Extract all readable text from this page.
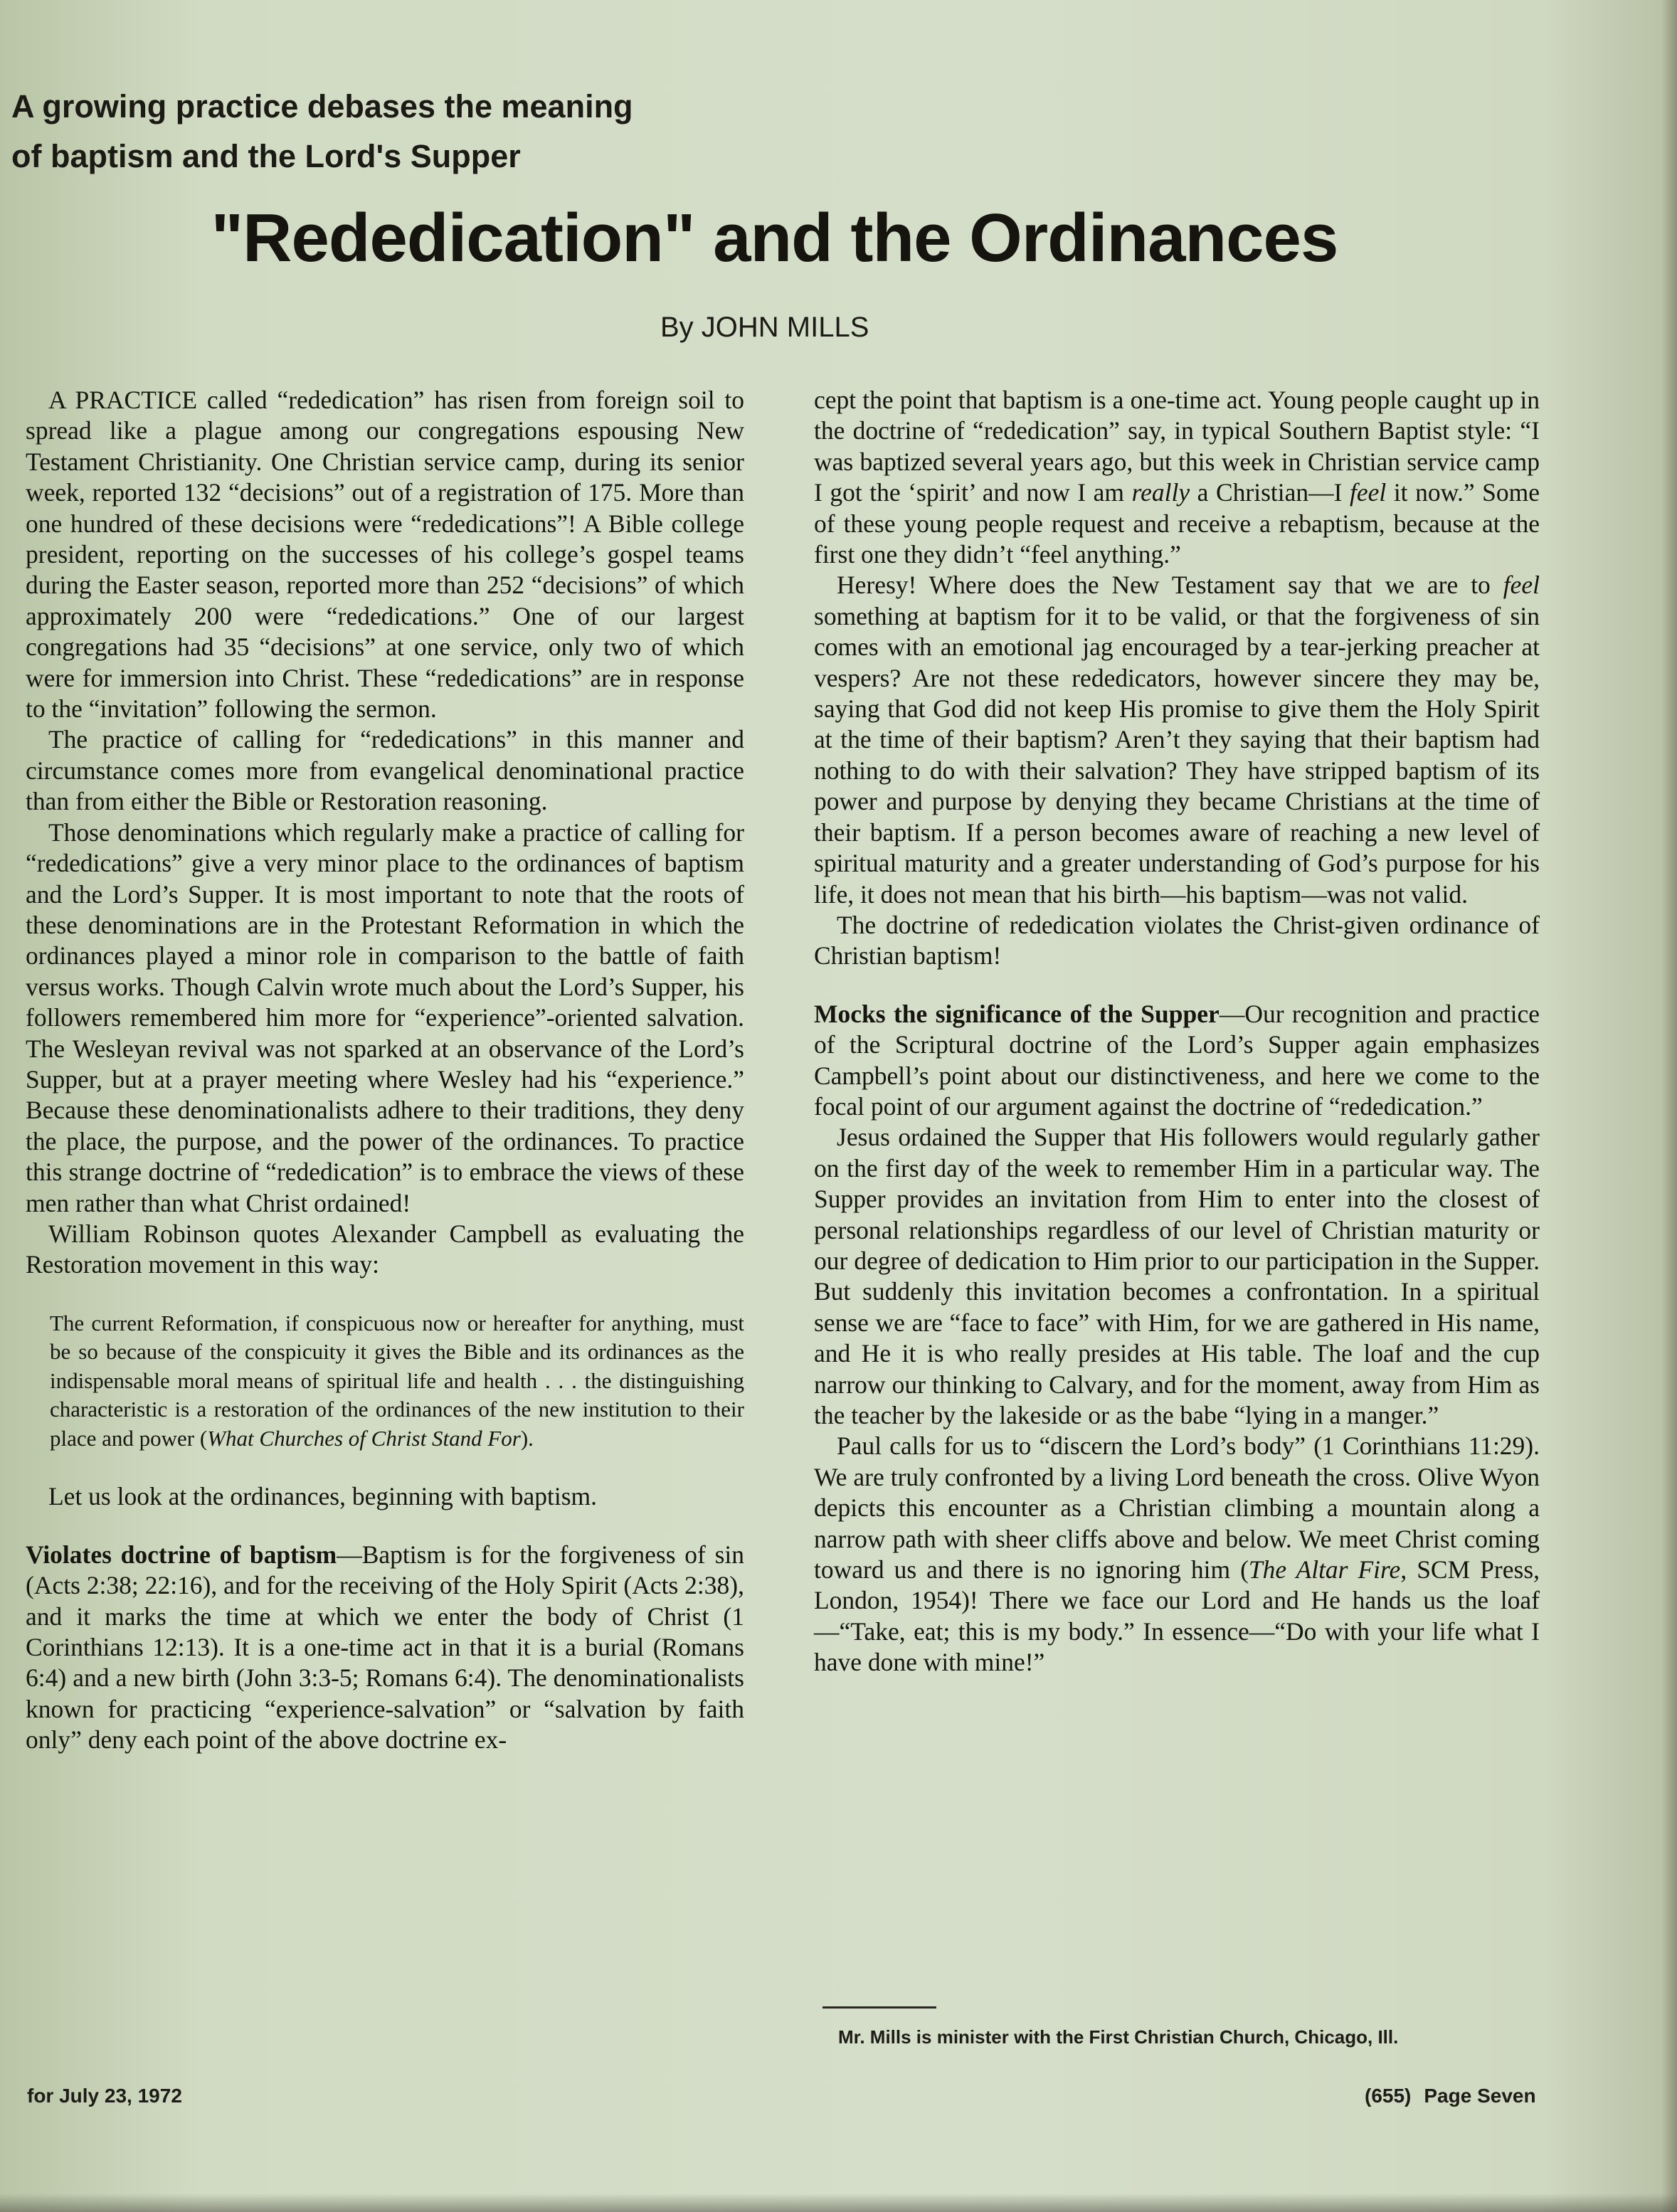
A growing practice debases the meaning
of baptism and the Lord's Supper
"Rededication" and the Ordinances

By JOHN MILLS

A PRACTICE called “rededication” has risen from foreign soil to spread like a plague among our congregations espousing New Testament Christianity. One Christian service camp, during its senior week, reported 132 “decisions” out of a registration of 175. More than one hundred of these decisions were “rededications”! A Bible college president, reporting on the successes of his college’s gospel teams during the Easter season, reported more than 252 “decisions” of which approximately 200 were “rededications.” One of our largest congregations had 35 “decisions” at one service, only two of which were for immersion into Christ. These “rededications” are in response to the “invitation” following the sermon.

The practice of calling for “rededications” in this manner and circumstance comes more from evangelical denominational practice than from either the Bible or Restoration reasoning.

Those denominations which regularly make a practice of calling for “rededications” give a very minor place to the ordinances of baptism and the Lord’s Supper. It is most important to note that the roots of these denominations are in the Protestant Reformation in which the ordinances played a minor role in comparison to the battle of faith versus works. Though Calvin wrote much about the Lord’s Supper, his followers remembered him more for “experience”-oriented salvation. The Wesleyan revival was not sparked at an observance of the Lord’s Supper, but at a prayer meeting where Wesley had his “experience.” Because these denominationalists adhere to their traditions, they deny the place, the purpose, and the power of the ordinances. To practice this strange doctrine of “rededication” is to embrace the views of these men rather than what Christ ordained!

William Robinson quotes Alexander Campbell as evaluating the Restoration movement in this way:

The current Reformation, if conspicuous now or hereafter for anything, must be so because of the conspicuity it gives the Bible and its ordinances as the indispensable moral means of spiritual life and health . . . the distinguishing characteristic is a restoration of the ordinances of the new institution to their place and power (What Churches of Christ Stand For).

Let us look at the ordinances, beginning with baptism.

Violates doctrine of baptism—Baptism is for the forgiveness of sin (Acts 2:38; 22:16), and for the receiving of the Holy Spirit (Acts 2:38), and it marks the time at which we enter the body of Christ (1 Corinthians 12:13). It is a one-time act in that it is a burial (Romans 6:4) and a new birth (John 3:3-5; Romans 6:4). The denominationalists known for practicing “experience-salvation” or “salvation by faith only” deny each point of the above doctrine ex-

cept the point that baptism is a one-time act. Young people caught up in the doctrine of “rededication” say, in typical Southern Baptist style: “I was baptized several years ago, but this week in Christian service camp I got the ‘spirit’ and now I am really a Christian—I feel it now.” Some of these young people request and receive a rebaptism, because at the first one they didn’t “feel anything.”

Heresy! Where does the New Testament say that we are to feel something at baptism for it to be valid, or that the forgiveness of sin comes with an emotional jag encouraged by a tear-jerking preacher at vespers? Are not these rededicators, however sincere they may be, saying that God did not keep His promise to give them the Holy Spirit at the time of their baptism? Aren’t they saying that their baptism had nothing to do with their salvation? They have stripped baptism of its power and purpose by denying they became Christians at the time of their baptism. If a person becomes aware of reaching a new level of spiritual maturity and a greater understanding of God’s purpose for his life, it does not mean that his birth—his baptism—was not valid.

The doctrine of rededication violates the Christ-given ordinance of Christian baptism!

Mocks the significance of the Supper—Our recognition and practice of the Scriptural doctrine of the Lord’s Supper again emphasizes Campbell’s point about our distinctiveness, and here we come to the focal point of our argument against the doctrine of “rededication.”

Jesus ordained the Supper that His followers would regularly gather on the first day of the week to remember Him in a particular way. The Supper provides an invitation from Him to enter into the closest of personal relationships regardless of our level of Christian maturity or our degree of dedication to Him prior to our participation in the Supper. But suddenly this invitation becomes a confrontation. In a spiritual sense we are “face to face” with Him, for we are gathered in His name, and He it is who really presides at His table. The loaf and the cup narrow our thinking to Calvary, and for the moment, away from Him as the teacher by the lakeside or as the babe “lying in a manger.”

Paul calls for us to “discern the Lord’s body” (1 Corinthians 11:29). We are truly confronted by a living Lord beneath the cross. Olive Wyon depicts this encounter as a Christian climbing a mountain along a narrow path with sheer cliffs above and below. We meet Christ coming toward us and there is no ignoring him (The Altar Fire, SCM Press, London, 1954)! There we face our Lord and He hands us the loaf—“Take, eat; this is my body.” In essence—“Do with your life what I have done with mine!”

Mr. Mills is minister with the First Christian Church, Chicago, Ill.

for July 23, 1972	(655) Page Seven
